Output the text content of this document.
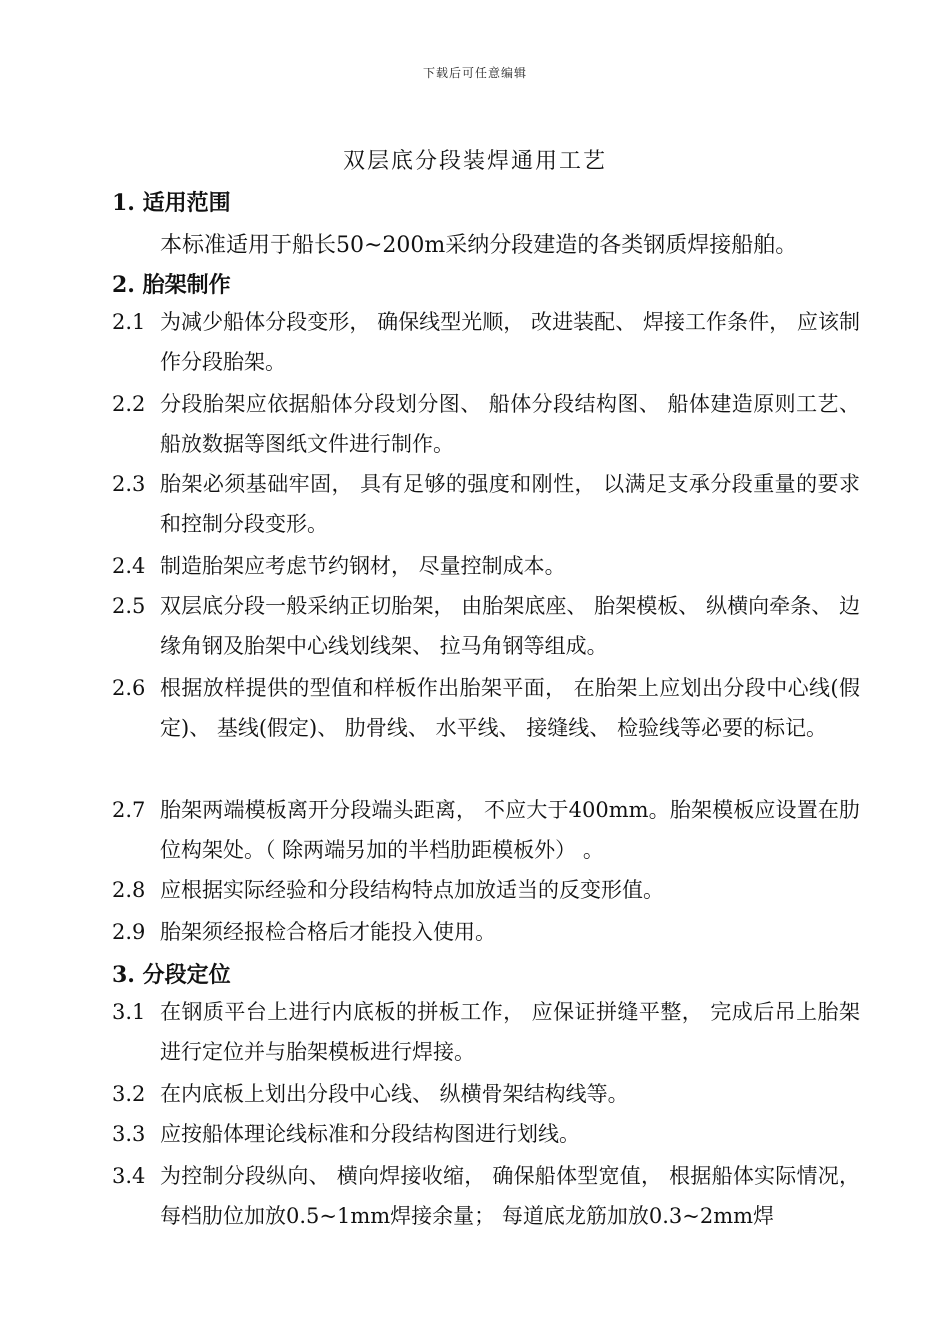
下载后可任意编辑
双层底分段装焊通用工艺
1. 适用范围
本标准适用于船长50~200m采纳分段建造的各类钢质焊接船舶。
2. 胎架制作
2.1 为减少船体分段变形， 确保线型光顺， 改进装配、 焊接工作条件， 应该制作分段胎架。
2.2 分段胎架应依据船体分段划分图、 船体分段结构图、 船体建造原则工艺、 船放数据等图纸文件进行制作。
2.3 胎架必须基础牢固， 具有足够的强度和刚性， 以满足支承分段重量的要求和控制分段变形。
2.4 制造胎架应考虑节约钢材， 尽量控制成本。
2.5 双层底分段一般采纳正切胎架， 由胎架底座、 胎架模板、 纵横向牵条、 边缘角钢及胎架中心线划线架、 拉马角钢等组成。
2.6 根据放样提供的型值和样板作出胎架平面， 在胎架上应划出分段中心线(假定)、 基线(假定)、 肋骨线、 水平线、 接缝线、 检验线等必要的标记。
2.7 胎架两端模板离开分段端头距离， 不应大于400mm。胎架模板应设置在肋位构架处。（ 除两端另加的半档肋距模板外） 。
2.8 应根据实际经验和分段结构特点加放适当的反变形值。
2.9 胎架须经报检合格后才能投入使用。
3. 分段定位
3.1 在钢质平台上进行内底板的拼板工作， 应保证拼缝平整， 完成后吊上胎架进行定位并与胎架模板进行焊接。
3.2 在内底板上划出分段中心线、 纵横骨架结构线等。
3.3 应按船体理论线标准和分段结构图进行划线。
3.4 为控制分段纵向、 横向焊接收缩， 确保船体型宽值， 根据船体实际情况， 每档肋位加放0.5~1mm焊接余量； 每道底龙筋加放0.3~2mm焊
